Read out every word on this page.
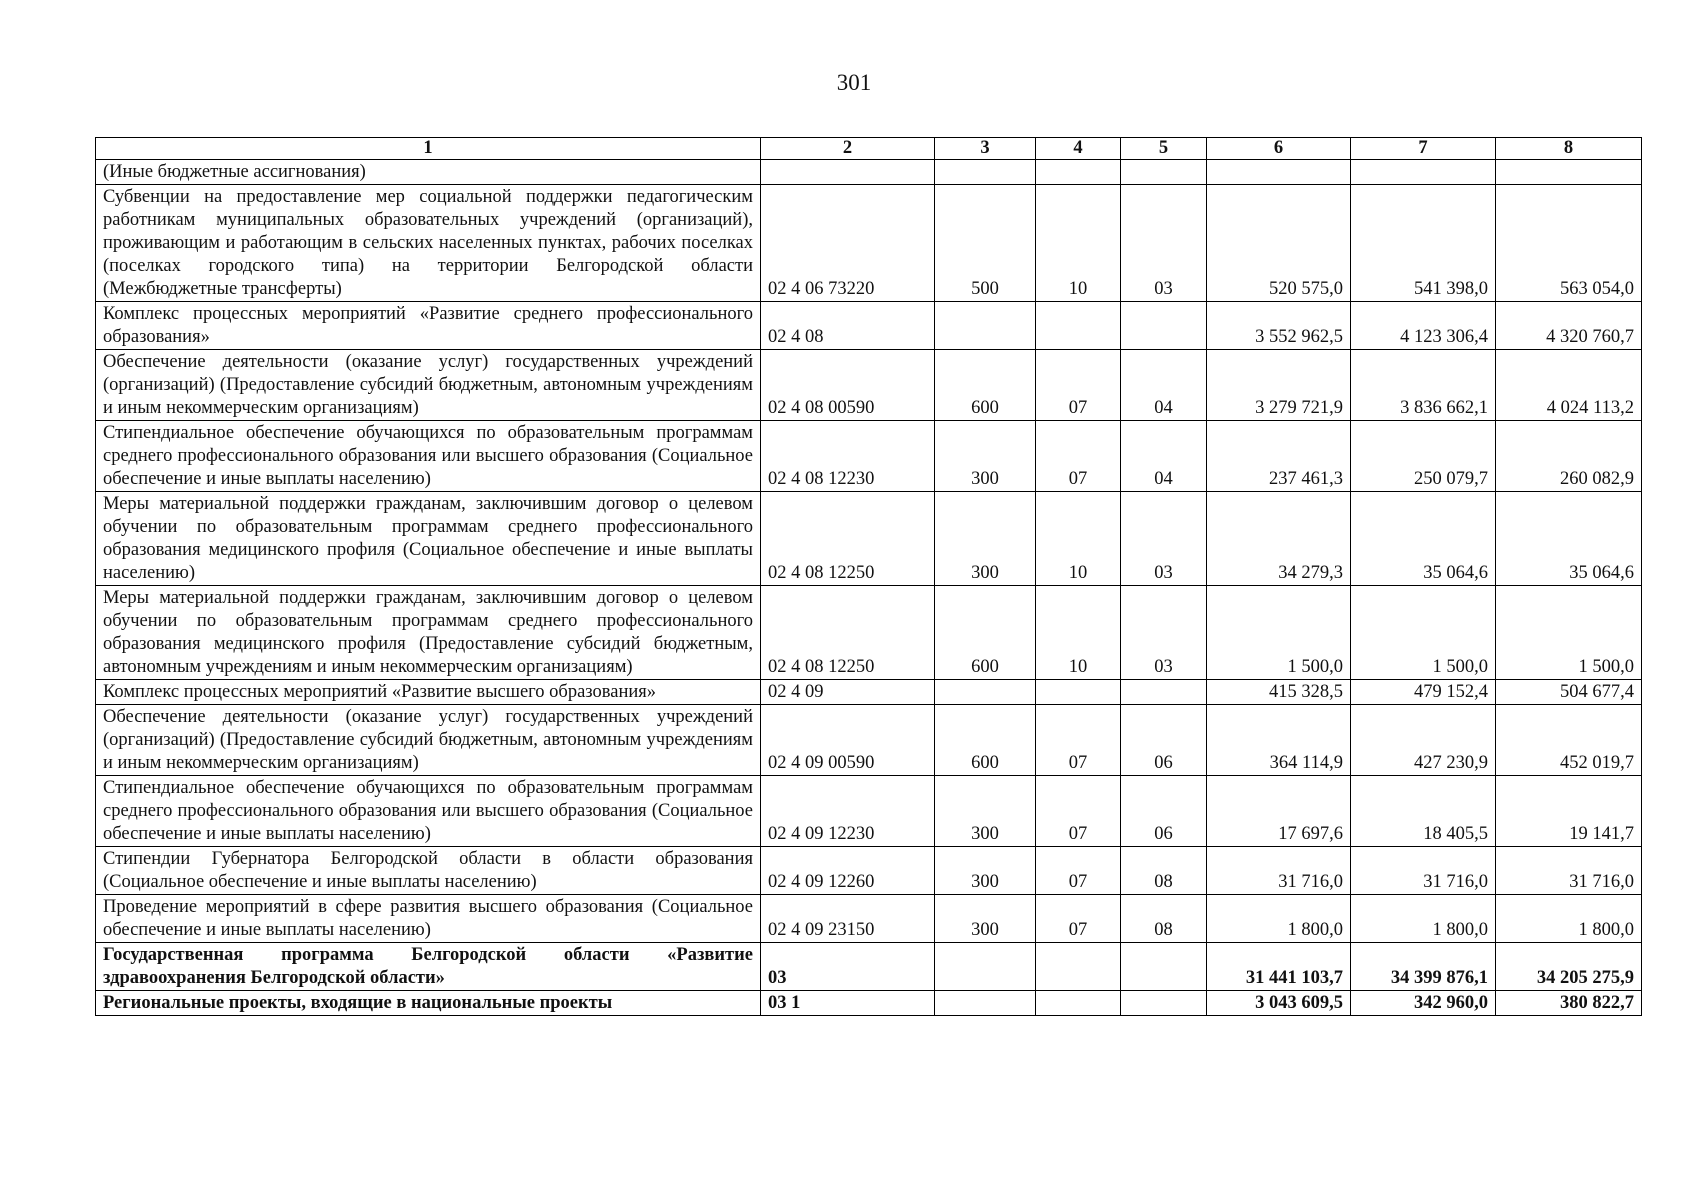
301
1	2	3	4	5	6	7	8
(Иные бюджетные ассигнования)							
Субвенции на предоставление мер социальной поддержки педагогическим работникам муниципальных образовательных учреждений (организаций), проживающим и работающим в сельских населенных пунктах, рабочих поселках (поселках городского типа) на территории Белгородской области (Межбюджетные трансферты)	02 4 06 73220	500	10	03	520 575,0	541 398,0	563 054,0
Комплекс процессных мероприятий «Развитие среднего профессионального образования»	02 4 08				3 552 962,5	4 123 306,4	4 320 760,7
Обеспечение деятельности (оказание услуг) государственных учреждений (организаций) (Предоставление субсидий бюджетным, автономным учреждениям и иным некоммерческим организациям)	02 4 08 00590	600	07	04	3 279 721,9	3 836 662,1	4 024 113,2
Стипендиальное обеспечение обучающихся по образовательным программам среднего профессионального образования или высшего образования (Социальное обеспечение и иные выплаты населению)	02 4 08 12230	300	07	04	237 461,3	250 079,7	260 082,9
Меры материальной поддержки гражданам, заключившим договор о целевом обучении по образовательным программам среднего профессионального образования медицинского профиля (Социальное обеспечение и иные выплаты населению)	02 4 08 12250	300	10	03	34 279,3	35 064,6	35 064,6
Меры материальной поддержки гражданам, заключившим договор о целевом обучении по образовательным программам среднего профессионального образования медицинского профиля (Предоставление субсидий бюджетным, автономным учреждениям и иным некоммерческим организациям)	02 4 08 12250	600	10	03	1 500,0	1 500,0	1 500,0
Комплекс процессных мероприятий «Развитие высшего образования»	02 4 09				415 328,5	479 152,4	504 677,4
Обеспечение деятельности (оказание услуг) государственных учреждений (организаций) (Предоставление субсидий бюджетным, автономным учреждениям и иным некоммерческим организациям)	02 4 09 00590	600	07	06	364 114,9	427 230,9	452 019,7
Стипендиальное обеспечение обучающихся по образовательным программам среднего профессионального образования или высшего образования (Социальное обеспечение и иные выплаты населению)	02 4 09 12230	300	07	06	17 697,6	18 405,5	19 141,7
Стипендии Губернатора Белгородской области в области образования (Социальное обеспечение и иные выплаты населению)	02 4 09 12260	300	07	08	31 716,0	31 716,0	31 716,0
Проведение мероприятий в сфере развития высшего образования (Социальное обеспечение и иные выплаты населению)	02 4 09 23150	300	07	08	1 800,0	1 800,0	1 800,0
Государственная программа Белгородской области «Развитие здравоохранения Белгородской области»	03				31 441 103,7	34 399 876,1	34 205 275,9
Региональные проекты, входящие в национальные проекты	03 1				3 043 609,5	342 960,0	380 822,7
